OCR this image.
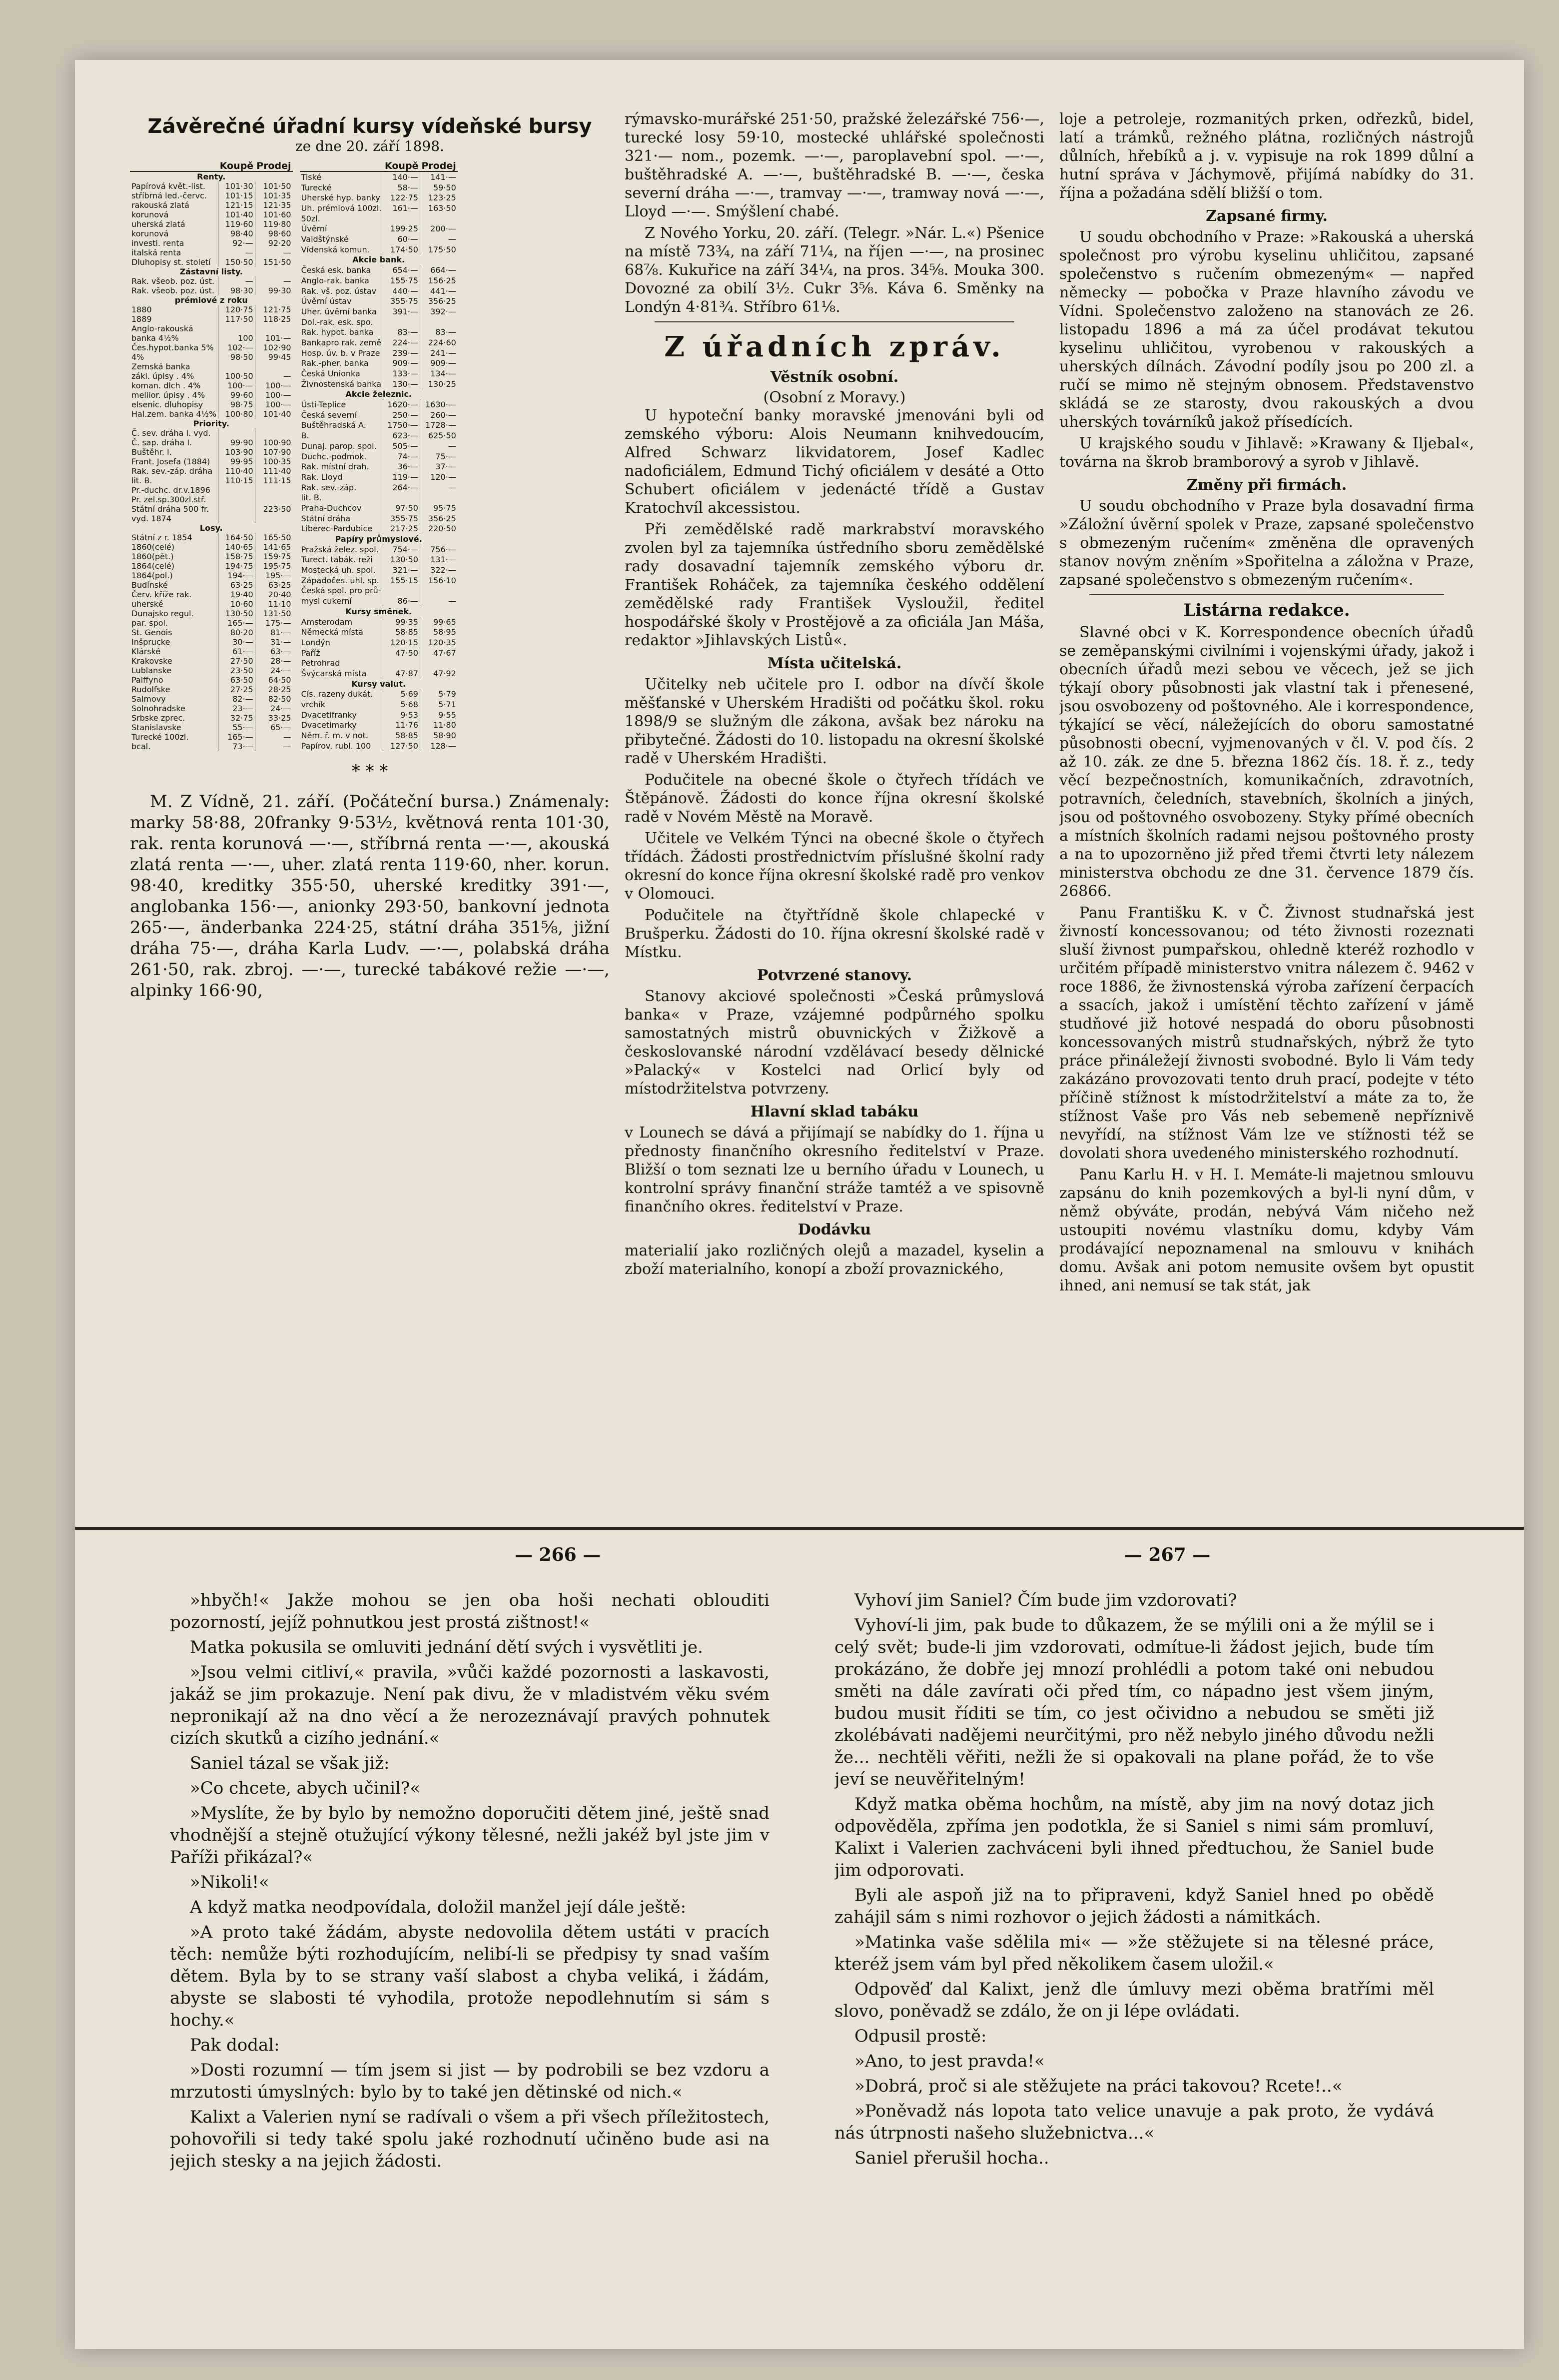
Závěrečné úřadní kursy vídeňské bursy
ze dne 20. září 1898.
	Koupě	Prodej
Renty.		
Papírová květ.-list.	101·30	101·50
stříbrná led.-červc.	101·15	101·35
rakouská zlatá	121·15	121·35
korunová	101·40	101·60
uherská zlatá	119·60	119·80
korunová	98·40	98·60
investi. renta	92·—	92·20
italská renta	—	—
Dluhopisy st. století	150·50	151·50
Zástavní listy.		
Rak. všeob. poz. úst.	—	—
Rak. všeob. poz. úst.	98·30	99·30
prémiové z roku		
1880	120·75	121·75
1889	117·50	118·25
Anglo-rakouská		
banka 4½%	100	101·—
Čes.hypot.banka 5%	102·—	102·90
4%	98·50	99·45
Zemská banka		
zákl. úpisy . 4%	100·50	—
koman. dlch . 4%	100·—	100·—
meliior. úpisy . 4%	99·60	100·—
elsenic. dluhopisy	98·75	100·—
Hal.zem. banka 4½%	100·80	101·40
Priority.		
Č. sev. dráha I. vyd.		
Č. sap. dráha I.	99·90	100·90
Buštěhr. I.	103·90	107·90
Frant. Josefa (1884)	99·95	100·35
Rak. sev.-záp. dráha	110·40	111·40
lit. B.	110·15	111·15
Pr.-duchc. dr.v.1896		
Pr. zel.sp.300zl.stř.		
Státní dráha 500 fr.		223·50
vyd. 1874		
Losy.		
Státní z r. 1854	164·50	165·50
1860(celé)	140·65	141·65
1860(pět.)	158·75	159·75
1864(celé)	194·75	195·75
1864(pol.)	194·—	195·—
Budínské	63·25	63·25
Červ. kříže rak.	19·40	20·40
uherské	10·60	11·10
Dunajsko regul.	130·50	131·50
par. spol.	165·—	175·—
St. Genois	80·20	81·—
Inšprucke	30·—	31·—
Klárské	61·—	63·—
Krakovske	27·50	28·—
Lublanske	23·50	24·—
Palffyno	63·50	64·50
Rudolfske	27·25	28·25
Salmovy	82·—	82·50
Solnohradske	23·—	24·—
Srbske zprec.	32·75	33·25
Stanislavske	55·—	65·—
Turecké 100zl.	165·—	—
bcal.	73·—	—
	Koupě	Prodej
Tiské	140·—	141·—
Turecké	58·—	59·50
Uherské hyp. banky	122·75	123·25
Uh. prémiová 100zl.	161·—	163·50
50zl.		
Úvěrní	199·25	200·—
Valdštýnské	60·—	—
Vídenská komun.	174·50	175·50
Akcie bank.		
Česká esk. banka	654·—	664·—
Anglo-rak. banka	155·75	156·25
Rak. vš. poz. ústav	440·—	441·—
Úvěrní ústav	355·75	356·25
Uher. úvěrní banka	391·—	392·—
Dol.-rak. esk. spo.		
Rak. hypot. banka	83·—	83·—
Bankapro rak. země	224·—	224·60
Hosp. úv. b. v Praze	239·—	241·—
Rak.-pher. banka	909·—	909·—
Česká Unionka	133·—	134·—
Živnostenská banka	130·—	130·25
Akcie železnic.		
Ústi-Teplice	1620·—	1630·—
Česká severní	250·—	260·—
Buštěhradská A.	1750·—	1728·—
B.	623·—	625·50
Dunaj. parop. spol.	505·—	—
Duchc.-podmok.	74·—	75·—
Rak. místní drah.	36·—	37·—
Rak. Lloyd	119·—	120·—
Rak. sev.-záp.	264·—	—
lit. B.		
Praha-Duchcov	97·50	95·75
Státní dráha	355·75	356·25
Liberec-Pardubice	217·25	220·50
Papíry průmyslové.		
Pražská želez. spol.	754·—	756·—
Turect. tabák. reži	130·50	131·—
Mostecká uh. spol.	321·—	322·—
Západočes. uhl. sp.	155·15	156·10
Česká spol. pro prů-		
mysl cukerní	86·—	—
Kursy směnek.		
Amsterodam	99·35	99·65
Německá místa	58·85	58·95
Londýn	120·15	120·35
Paříž	47·50	47·67
Petrohrad		
Švýcarská místa	47·87	47·92
Kursy valut.		
Cís. razeny dukát.	5·69	5·79
vrchík	5·68	5·71
Dvacetifranky	9·53	9·55
Dvacetimarky	11·76	11·80
Něm. ř. m. v not.	58·85	58·90
Papírov. rubl. 100	127·50	128·—
* * *

M. Z Vídně, 21. září. (Počáteční bursa.) Známenaly: marky 58·88, 20franky 9·53½, květnová renta 101·30, rak. renta korunová —·—, stříbrná renta —·—, akouská zlatá renta —·—, uher. zlatá renta 119·60, nher. korun. 98·40, kreditky 355·50, uherské kreditky 391·—, anglobanka 156·—, anionky 293·50, bankovní jednota 265·—, änderbanka 224·25, státní dráha 351⅝, jižní dráha 75·—, dráha Karla Ludv. —·—, polabská dráha 261·50, rak. zbroj. —·—, turecké tabákové režie —·—, alpinky 166·90,

rýmavsko-murářské 251·50, pražské železářské 756·—, turecké losy 59·10, mostecké uhlářské společnosti 321·— nom., pozemk. —·—, paroplavební spol. —·—, buštěhradské A. —·—, buštěhradské B. —·—, česka severní dráha —·—, tramvay —·—, tramway nová —·—, Lloyd —·—. Smýšlení chabé.

Z Nového Yorku, 20. září. (Telegr. »Nár. L.«) Pšenice na místě 73¾, na září 71¼, na říjen —·—, na prosinec 68⅞. Kukuřice na září 34¼, na pros. 34⅝. Mouka 300. Dovozné za obilí 3½. Cukr 3⅝. Káva 6. Směnky na Londýn 4·81¾. Stříbro 61⅛.

Z úřadních zpráv.
Věstník osobní.
(Osobní z Moravy.)

U hypoteční banky moravské jmenováni byli od zemského výboru: Alois Neumann knihvedoucím, Alfred Schwarz likvidatorem, Josef Kadlec nadoficiálem, Edmund Tichý oficiálem v desáté a Otto Schubert oficiálem v jedenácté třídě a Gustav Kratochvíl akcessistou.

Při zemědělské radě markrabství moravského zvolen byl za tajemníka ústředního sboru zemědělské rady dosavadní tajemník zemského výboru dr. František Roháček, za tajemníka českého oddělení zemědělské rady František Vysloužil, ředitel hospodářské školy v Prostějově a za oficiála Jan Máša, redaktor »Jihlavských Listů«.

Místa učitelská.

Učitelky neb učitele pro I. odbor na dívčí škole měšťanské v Uherském Hradišti od počátku škol. roku 1898/9 se služným dle zákona, avšak bez nároku na přibytečné. Žádosti do 10. listopadu na okresní školské radě v Uherském Hradišti.

Podučitele na obecné škole o čtyřech třídách ve Štěpánově. Žádosti do konce října okresní školské radě v Novém Městě na Moravě.

Učitele ve Velkém Týnci na obecné škole o čtyřech třídách. Žádosti prostřednictvím příslušné školní rady okresní do konce října okresní školské radě pro venkov v Olomouci.

Podučitele na čtyřtřídně škole chlapecké v Brušperku. Žádosti do 10. října okresní školské radě v Místku.

Potvrzené stanovy.

Stanovy akciové společnosti »Česká průmyslová banka« v Praze, vzájemné podpůrného spolku samostatných mistrů obuvnických v Žižkově a českoslovanské národní vzdělávací besedy dělnické »Palacký« v Kostelci nad Orlicí byly od místodržitelstva potvrzeny.

Hlavní sklad tabáku

v Lounech se dává a přijímají se nabídky do 1. října u přednosty finančního okresního ředitelství v Praze. Bližší o tom seznati lze u berního úřadu v Lounech, u kontrolní správy finanční stráže tamtéž a ve spisovně finančního okres. ředitelství v Praze.

Dodávku

materialií jako rozličných olejů a mazadel, kyselin a zboží materialního, konopí a zboží provaznického,

loje a petroleje, rozmanitých prken, odřezků, bidel, latí a trámků, režného plátna, rozličných nástrojů důlních, hřebíků a j. v. vypisuje na rok 1899 důlní a hutní správa v Jáchymově, přijímá nabídky do 31. října a požadána sdělí bližší o tom.

Zapsané firmy.

U soudu obchodního v Praze: »Rakouská a uherská společnost pro výrobu kyselinu uhličitou, zapsané společenstvo s ručením obmezeným« — napřed německy — pobočka v Praze hlavního závodu ve Vídni. Společenstvo založeno na stanovách ze 26. listopadu 1896 a má za účel prodávat tekutou kyselinu uhličitou, vyrobenou v rakouských a uherských dílnách. Závodní podíly jsou po 200 zl. a ručí se mimo ně stejným obnosem. Představenstvo skládá se ze starosty, dvou rakouských a dvou uherských továrníků jakož přísedících.

U krajského soudu v Jihlavě: »Krawany & Iljebal«, továrna na škrob bramborový a syrob v Jihlavě.

Změny při firmách.

U soudu obchodního v Praze byla dosavadní firma »Záložní úvěrní spolek v Praze, zapsané společenstvo s obmezeným ručením« změněna dle opravených stanov novým zněním »Spořitelna a záložna v Praze, zapsané společenstvo s obmezeným ručením«.

Listárna redakce.

Slavné obci v K. Korrespondence obecních úřadů se zeměpanskými civilními i vojenskými úřady, jakož i obecních úřadů mezi sebou ve věcech, jež se jich týkají obory působnosti jak vlastní tak i přenesené, jsou osvobozeny od poštovného. Ale i korrespondence, týkající se věcí, náležejících do oboru samostatné působnosti obecní, vyjmenovaných v čl. V. pod čís. 2 až 10. zák. ze dne 5. března 1862 čís. 18. ř. z., tedy věcí bezpečnostních, komunikačních, zdravotních, potravních, čeledních, stavebních, školních a jiných, jsou od poštovného osvobozeny. Styky přímé obecních a místních školních radami nejsou poštovného prosty a na to upozorněno již před třemi čtvrti lety nálezem ministerstva obchodu ze dne 31. července 1879 čís. 26866.

Panu Františku K. v Č. Živnost studnařská jest živností koncessovanou; od této živnosti rozeznati sluší živnost pumpařskou, ohledně kteréž rozhodlo v určitém případě ministerstvo vnitra nálezem č. 9462 v roce 1886, že živnostenská výroba zařízení čerpacích a ssacích, jakož i umístění těchto zařízení v jámě studňové již hotové nespadá do oboru působnosti koncessovaných mistrů studnařských, nýbrž že tyto práce přináležejí živnosti svobodné. Bylo li Vám tedy zakázáno provozovati tento druh prací, podejte v této příčině stížnost k místodržitelství a máte za to, že stížnost Vaše pro Vás neb sebemeně nepříznivě nevyřídí, na stížnost Vám lze ve stížnosti též se dovolati shora uvedeného ministerského rozhodnutí.

Panu Karlu H. v H. I. Memáte-li majetnou smlouvu zapsánu do knih pozemkových a byl-li nyní dům, v němž obýváte, prodán, nebývá Vám ničeho než ustoupiti novému vlastníku domu, kdyby Vám prodávající nepoznamenal na smlouvu v knihách domu. Avšak ani potom nemusite ovšem byt opustit ihned, ani nemusí se tak stát, jak

— 266 —	— 267 —

»hbyčh!« Jakže mohou se jen oba hoši nechati oblouditi pozorností, jejíž pohnutkou jest prostá zištnost!«

Matka pokusila se omluviti jednání dětí svých i vysvětliti je.

»Jsou velmi citliví,« pravila, »vůči každé pozornosti a laskavosti, jakáž se jim prokazuje. Není pak divu, že v mladistvém věku svém nepronikají až na dno věcí a že nerozeznávají pravých pohnutek cizích skutků a cizího jednání.«

Saniel tázal se však již:

»Co chcete, abych učinil?«

»Myslíte, že by bylo by nemožno doporučiti dětem jiné, ještě snad vhodnější a stejně otužující výkony tělesné, nežli jakéž byl jste jim v Paříži přikázal?«

»Nikoli!«

A když matka neodpovídala, doložil manžel její dále ještě:

»A proto také žádám, abyste nedovolila dětem ustáti v pracích těch: nemůže býti rozhodujícím, nelibí-li se předpisy ty snad vaším dětem. Byla by to se strany vaší slabost a chyba veliká, i žádám, abyste se slabosti té vyhodila, protože nepodlehnutím si sám s hochy.«

Pak dodal:

»Dosti rozumní — tím jsem si jist — by podrobili se bez vzdoru a mrzutosti úmyslných: bylo by to také jen dětinské od nich.«

Kalixt a Valerien nyní se radívali o všem a při všech příležitostech, pohovořili si tedy také spolu jaké rozhodnutí učiněno bude asi na jejich stesky a na jejich žádosti.

Vyhoví jim Saniel? Čím bude jim vzdorovati?

Vyhoví-li jim, pak bude to důkazem, že se mýlili oni a že mýlil se i celý svět; bude-li jim vzdorovati, odmítue-li žádost jejich, bude tím prokázáno, že dobře jej mnozí prohlédli a potom také oni nebudou směti na dále zavírati oči před tím, co nápadno jest všem jiným, budou musit říditi se tím, co jest očividno a nebudou se směti již zkolébávati nadějemi neurčitými, pro něž nebylo jiného důvodu nežli že... nechtěli věřiti, nežli že si opakovali na plane pořád, že to vše jeví se neuvěřitelným!

Když matka oběma hochům, na místě, aby jim na nový dotaz jich odpověděla, zpříma jen podotkla, že si Saniel s nimi sám promluví, Kalixt i Valerien zachváceni byli ihned předtuchou, že Saniel bude jim odporovati.

Byli ale aspoň již na to připraveni, když Saniel hned po obědě zahájil sám s nimi rozhovor o jejich žádosti a námitkách.

»Matinka vaše sdělila mi« — »že stěžujete si na tělesné práce, kteréž jsem vám byl před několikem časem uložil.«

Odpověď dal Kalixt, jenž dle úmluvy mezi oběma bratřími měl slovo, poněvadž se zdálo, že on ji lépe ovládati.

Odpusil prostě:

»Ano, to jest pravda!«

»Dobrá, proč si ale stěžujete na práci takovou? Rcete!..«

»Poněvadž nás lopota tato velice unavuje a pak proto, že vydává nás útrpnosti našeho služebnictva...«

Saniel přerušil hocha..
